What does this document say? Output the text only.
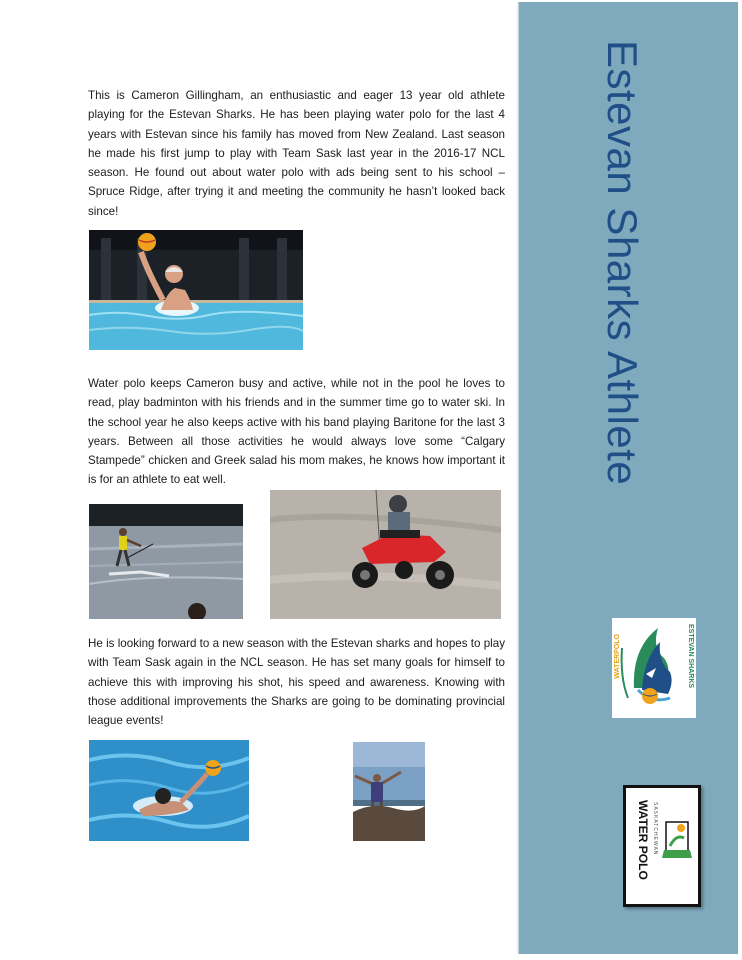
This is Cameron Gillingham, an enthusiastic and eager 13 year old athlete playing for the Estevan Sharks. He has been playing water polo for the last 4 years with Estevan since his family has moved from New Zealand. Last season he made his first jump to play with Team Sask last year in the 2016-17 NCL season. He found out about water polo with ads being sent to his school – Spruce Ridge, after trying it and meeting the community he hasn’t looked back since!

Water polo keeps Cameron busy and active, while not in the pool he loves to read, play badminton with his friends and in the summer time go to water ski. In the school year he also keeps active with his band playing Baritone for the last 3 years. Between all those activities he would always love some “Calgary Stampede” chicken and Greek salad his mom makes, he knows how important it is for an athlete to eat well.

He is looking forward to a new season with the Estevan sharks and hopes to play with Team Sask again in the NCL season. He has set many goals for himself to achieve this with improving his shot, his speed and awareness. Knowing with those additional improvements the Sharks are going to be dominating provincial league events!

Estevan Sharks Athlete
ESTEVAN SHARKS
WATERPOLO
WATER POLO SASKATCHEWAN
